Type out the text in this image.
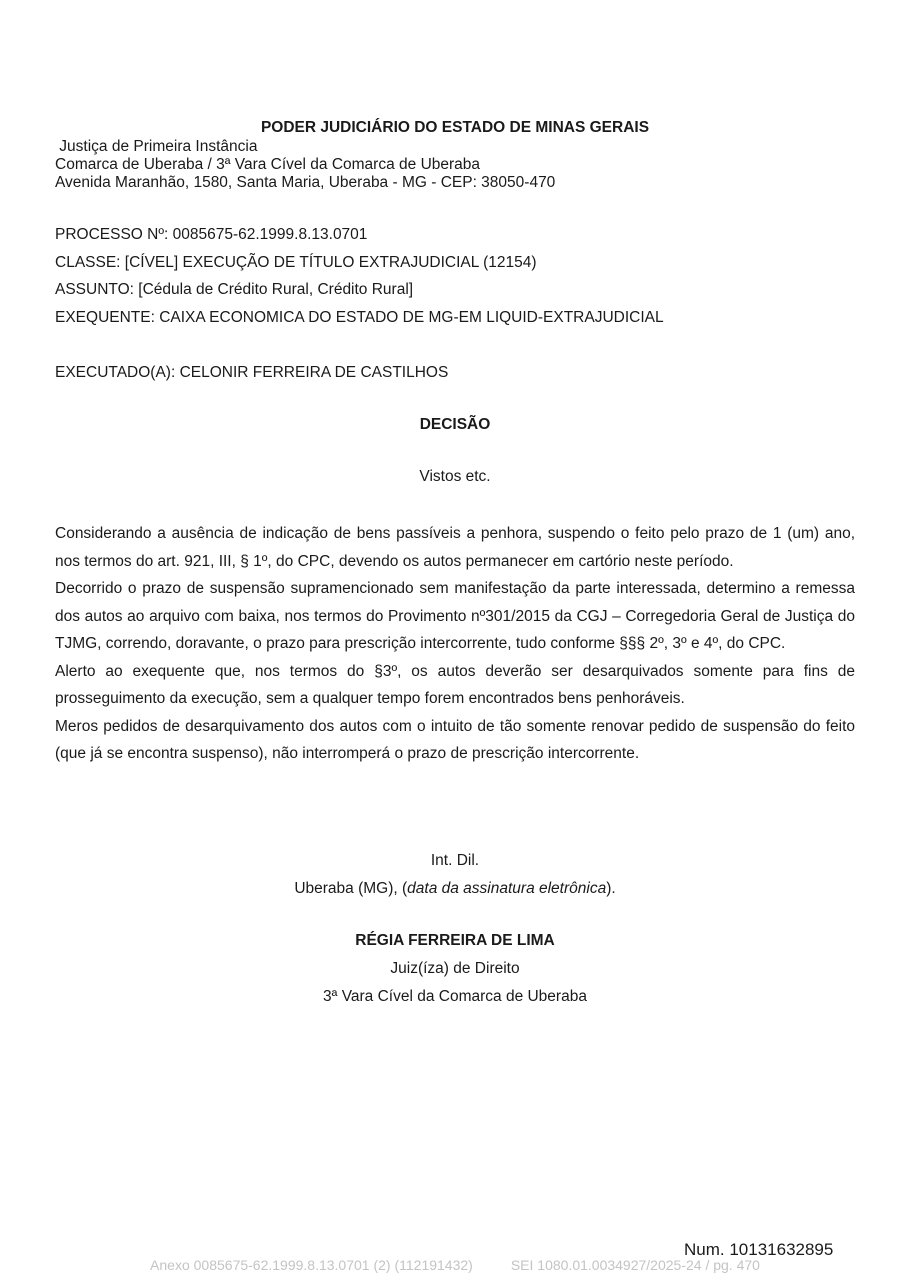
PODER JUDICIÁRIO DO ESTADO DE MINAS GERAIS
Justiça de Primeira Instância
Comarca de Uberaba / 3ª Vara Cível da Comarca de Uberaba
Avenida Maranhão, 1580, Santa Maria, Uberaba - MG - CEP: 38050-470
PROCESSO Nº: 0085675-62.1999.8.13.0701
CLASSE: [CÍVEL] EXECUÇÃO DE TÍTULO EXTRAJUDICIAL (12154)
ASSUNTO: [Cédula de Crédito Rural, Crédito Rural]
EXEQUENTE: CAIXA ECONOMICA DO ESTADO DE MG-EM LIQUID-EXTRAJUDICIAL
EXECUTADO(A): CELONIR FERREIRA DE CASTILHOS
DECISÃO
Vistos etc.

Considerando a ausência de indicação de bens passíveis a penhora, suspendo o feito pelo prazo de 1 (um) ano, nos termos do art. 921, III, § 1º, do CPC, devendo os autos permanecer em cartório neste período.

Decorrido o prazo de suspensão supramencionado sem manifestação da parte interessada, determino a remessa dos autos ao arquivo com baixa, nos termos do Provimento nº301/2015 da CGJ – Corregedoria Geral de Justiça do TJMG, correndo, doravante, o prazo para prescrição intercorrente, tudo conforme §§§ 2º, 3º e 4º, do CPC.

Alerto ao exequente que, nos termos do §3º, os autos deverão ser desarquivados somente para fins de prosseguimento da execução, sem a qualquer tempo forem encontrados bens penhoráveis.

Meros pedidos de desarquivamento dos autos com o intuito de tão somente renovar pedido de suspensão do feito (que já se encontra suspenso), não interromperá o prazo de prescrição intercorrente.

Int. Dil.
Uberaba (MG), (data da assinatura eletrônica).
RÉGIA FERREIRA DE LIMA
Juiz(íza) de Direito
3ª Vara Cível da Comarca de Uberaba
Num. 10131632895
Anexo 0085675-62.1999.8.13.0701 (2) (112191432)	SEI 1080.01.0034927/2025-24 / pg. 470
